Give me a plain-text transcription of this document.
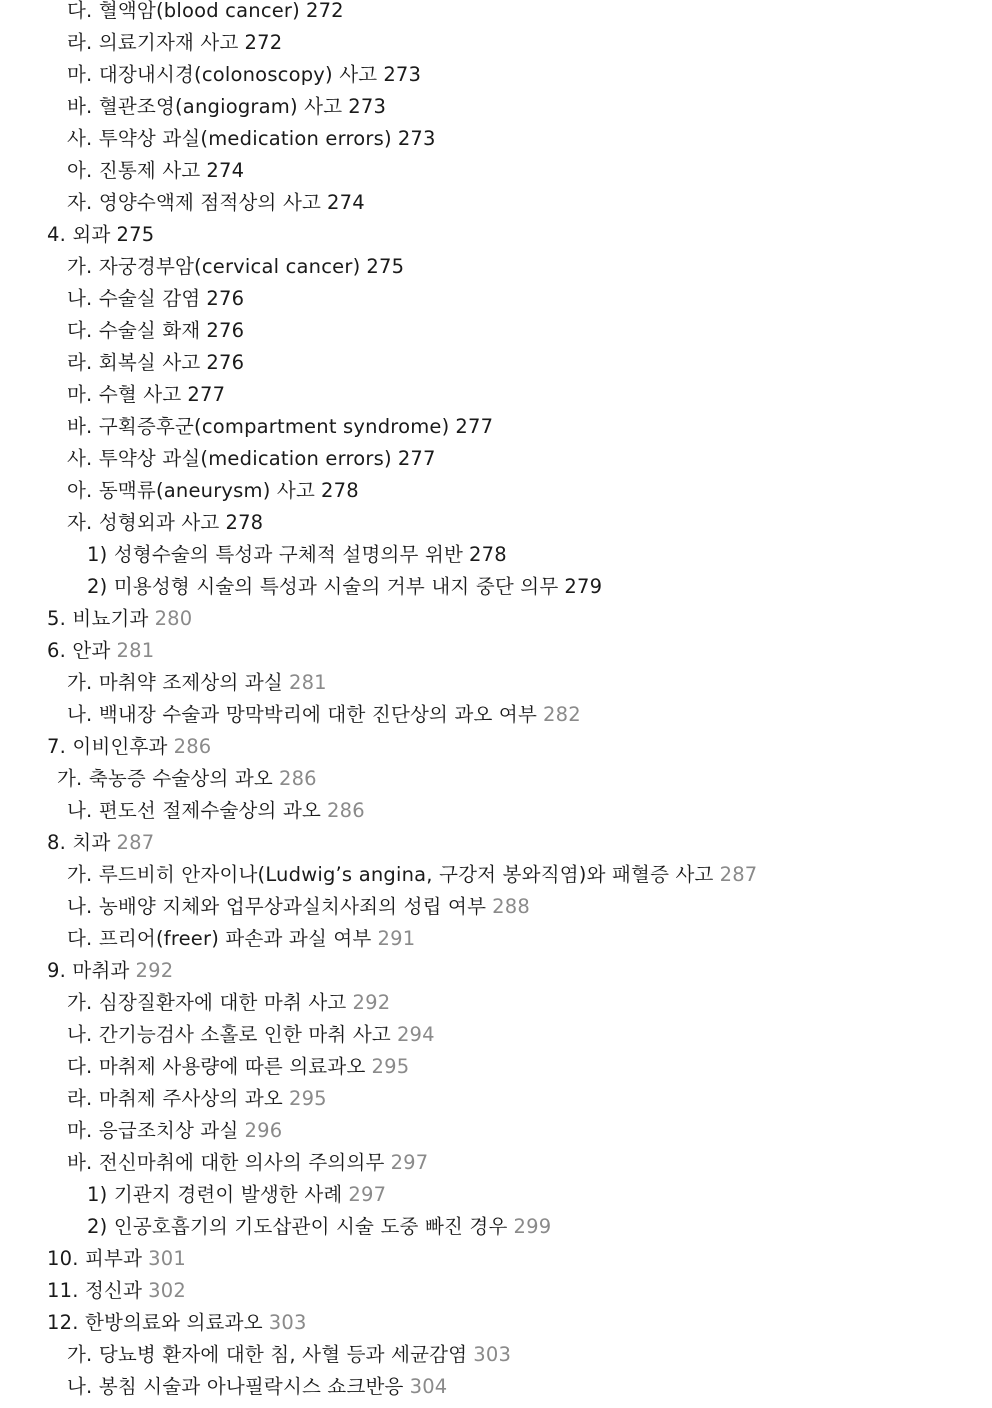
다. 혈액암(blood cancer) 272
라. 의료기자재 사고 272
마. 대장내시경(colonoscopy) 사고 273
바. 혈관조영(angiogram) 사고 273
사. 투약상 과실(medication errors) 273
아. 진통제 사고 274
자. 영양수액제 점적상의 사고 274
4. 외과 275
가. 자궁경부암(cervical cancer) 275
나. 수술실 감염 276
다. 수술실 화재 276
라. 회복실 사고 276
마. 수혈 사고 277
바. 구획증후군(compartment syndrome) 277
사. 투약상 과실(medication errors) 277
아. 동맥류(aneurysm) 사고 278
자. 성형외과 사고 278
1) 성형수술의 특성과 구체적 설명의무 위반 278
2) 미용성형 시술의 특성과 시술의 거부 내지 중단 의무 279
5. 비뇨기과 280
6. 안과 281
가. 마취약 조제상의 과실 281
나. 백내장 수술과 망막박리에 대한 진단상의 과오 여부 282
7. 이비인후과 286
가. 축농증 수술상의 과오 286
나. 편도선 절제수술상의 과오 286
8. 치과 287
가. 루드비히 안자이나(Ludwig’s angina, 구강저 봉와직염)와 패혈증 사고 287
나. 농배양 지체와 업무상과실치사죄의 성립 여부 288
다. 프리어(freer) 파손과 과실 여부 291
9. 마취과 292
가. 심장질환자에 대한 마취 사고 292
나. 간기능검사 소홀로 인한 마취 사고 294
다. 마취제 사용량에 따른 의료과오 295
라. 마취제 주사상의 과오 295
마. 응급조치상 과실 296
바. 전신마취에 대한 의사의 주의의무 297
1) 기관지 경련이 발생한 사례 297
2) 인공호흡기의 기도삽관이 시술 도중 빠진 경우 299
10. 피부과 301
11. 정신과 302
12. 한방의료와 의료과오 303
가. 당뇨병 환자에 대한 침, 사혈 등과 세균감염 303
나. 봉침 시술과 아나필락시스 쇼크반응 304
